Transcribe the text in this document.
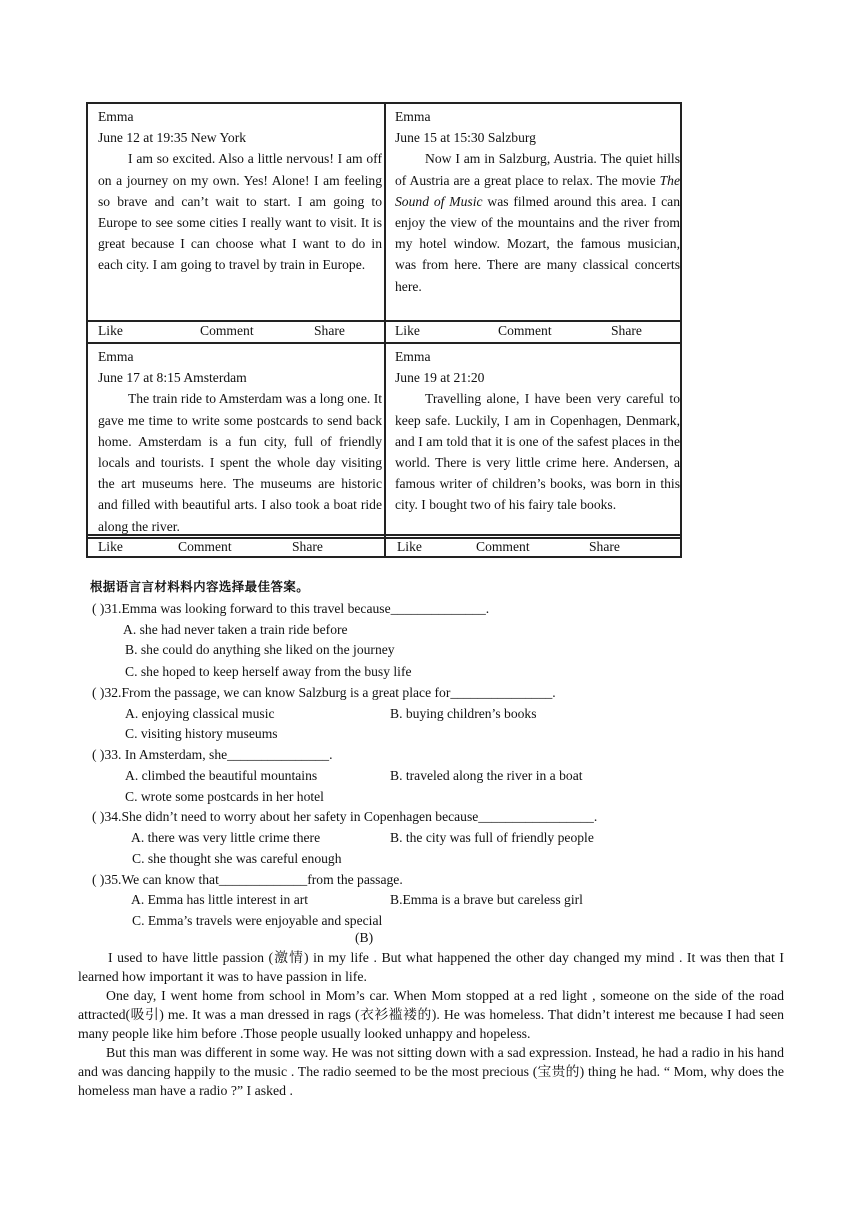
Emma
June 12 at 19:35 New York
I am so excited. Also a little nervous! I am off on a journey on my own. Yes! Alone! I am feeling so brave and can’t wait to start. I am going to Europe to see some cities I really want to visit. It is great because I can choose what I want to do in each city. I am going to travel by train in Europe.
Emma
June 15 at 15:30 Salzburg
Now I am in Salzburg, Austria. The quiet hills of Austria are a great place to relax. The movie The Sound of Music was filmed around this area. I can enjoy the view of the mountains and the river from my hotel window. Mozart, the famous musician, was from here. There are many classical concerts here.
Like	Comment	Share	Like	Comment	Share
Emma
June 17 at 8:15 Amsterdam
The train ride to Amsterdam was a long one. It gave me time to write some postcards to send back home. Amsterdam is a fun city, full of friendly locals and tourists. I spent the whole day visiting the art museums here. The museums are historic and filled with beautiful arts. I also took a boat ride along the river.
Emma
June 19 at 21:20
Travelling alone, I have been very careful to keep safe. Luckily, I am in Copenhagen, Denmark, and I am told that it is one of the safest places in the world. There is very little crime here. Andersen, a famous writer of children’s books, was born in this city. I bought two of his fairy tale books.
Like	Comment	Share	Like	Comment	Share
根据语言言材料料内容选择最佳答案。
( )31.Emma was looking forward to this travel because______________.
A. she had never taken a train ride before
B. she could do anything she liked on the journey
C. she hoped to keep herself away from the busy life
( )32.From the passage, we can know Salzburg is a great place for_______________.
A. enjoying classical music	B. buying children’s books
C. visiting history museums
( )33. In Amsterdam, she_______________.
A. climbed the beautiful mountains	B. traveled along the river in a boat
C. wrote some postcards in her hotel
( )34.She didn’t need to worry about her safety in Copenhagen because_________________.
A. there was very little crime there	B. the city was full of friendly people
C. she thought she was careful enough
( )35.We can know that_____________from the passage.
A. Emma has little interest in art	B.Emma is a brave but careless girl
C. Emma’s travels were enjoyable and special
(B)

I used to have little passion (激情) in my life . But what happened the other day changed my mind . It was then that I learned how important it was to have passion in life.

One day, I went home from school in Mom’s car. When Mom stopped at a red light , someone on the side of the road attracted(吸引) me. It was a man dressed in rags (衣衫褴褛的). He was homeless. That didn’t interest me because I had seen many people like him before .Those people usually looked unhappy and hopeless.

But this man was different in some way. He was not sitting down with a sad expression. Instead, he had a radio in his hand and was dancing happily to the music . The radio seemed to be the most precious (宝贵的) thing he had. “ Mom, why does the homeless man have a radio ?” I asked .
